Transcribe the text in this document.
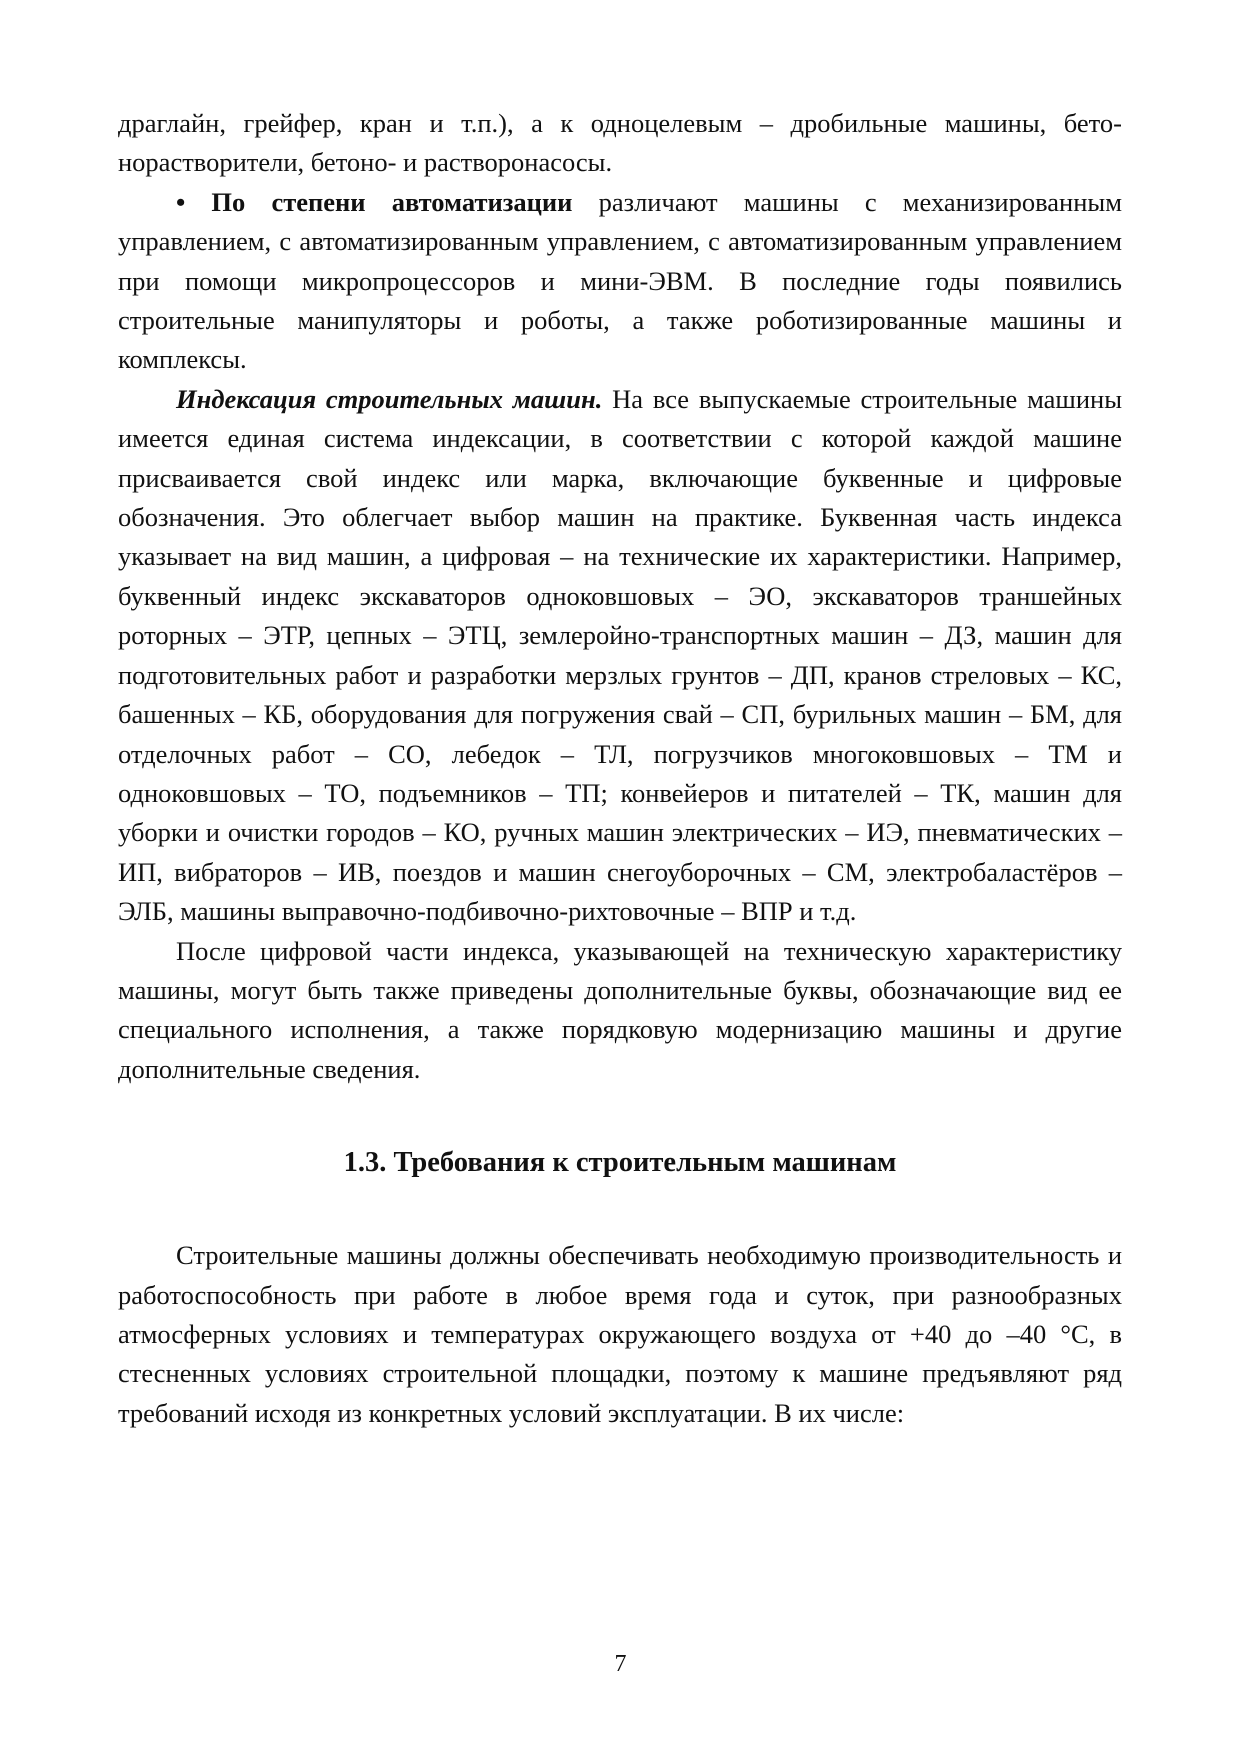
драглайн, грейфер, кран и т.п.), а к одноцелевым – дробильные машины, бетонорастворители, бетоно- и растворонасосы.

• По степени автоматизации различают машины с механизированным управлением, с автоматизированным управлением, с автоматизированным управлением при помощи микропроцессоров и мини-ЭВМ. В последние годы появились строительные манипуляторы и роботы, а также роботизированные машины и комплексы.

Индексация строительных машин. На все выпускаемые строительные машины имеется единая система индексации, в соответствии с которой каждой машине присваивается свой индекс или марка, включающие буквенные и цифровые обозначения. Это облегчает выбор машин на практике. Буквенная часть индекса указывает на вид машин, а цифровая – на технические их характеристики. Например, буквенный индекс экскаваторов одноковшовых – ЭО, экскаваторов траншейных роторных – ЭТР, цепных – ЭТЦ, землеройно-транспортных машин – ДЗ, машин для подготовительных работ и разработки мерзлых грунтов – ДП, кранов стреловых – КС, башенных – КБ, оборудования для погружения свай – СП, бурильных машин – БМ, для отделочных работ – СО, лебедок – ТЛ, погрузчиков многоковшовых – ТМ и одноковшовых – ТО, подъемников – ТП; конвейеров и питателей – ТК, машин для уборки и очистки городов – КО, ручных машин электрических – ИЭ, пневматических – ИП, вибраторов – ИВ, поездов и машин снегоуборочных – СМ, электробаластёров – ЭЛБ, машины выправочно-подбивочно-рихтовочные – ВПР и т.д.

После цифровой части индекса, указывающей на техническую характеристику машины, могут быть также приведены дополнительные буквы, обозначающие вид ее специального исполнения, а также порядковую модернизацию машины и другие дополнительные сведения.

1.3. Требования к строительным машинам

Строительные машины должны обеспечивать необходимую производительность и работоспособность при работе в любое время года и суток, при разнообразных атмосферных условиях и температурах окружающего воздуха от +40 до –40 °С, в стесненных условиях строительной площадки, поэтому к машине предъявляют ряд требований исходя из конкретных условий эксплуатации. В их числе:

7
